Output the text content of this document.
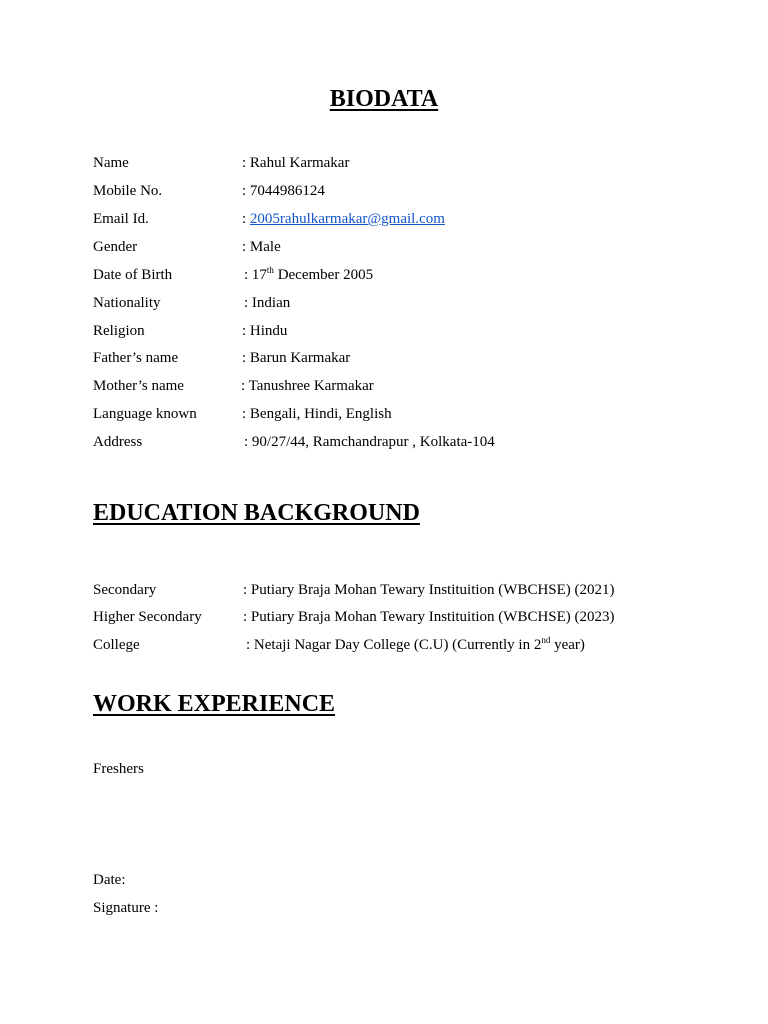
BIODATA
Name	: Rahul Karmakar
Mobile No.	: 7044986124
Email Id.	: 2005rahulkarmakar@gmail.com
Gender	: Male
Date of Birth	: 17th December 2005
Nationality	: Indian
Religion	: Hindu
Father’s name	: Barun Karmakar
Mother’s name	: Tanushree Karmakar
Language known	: Bengali, Hindi, English
Address	: 90/27/44, Ramchandrapur , Kolkata-104
EDUCATION BACKGROUND
Secondary	: Putiary Braja Mohan Tewary Instituition (WBCHSE) (2021)
Higher Secondary	: Putiary Braja Mohan Tewary Instituition (WBCHSE) (2023)
College	: Netaji Nagar Day College (C.U) (Currently in 2nd year)
WORK EXPERIENCE
Freshers
Date:
Signature :
